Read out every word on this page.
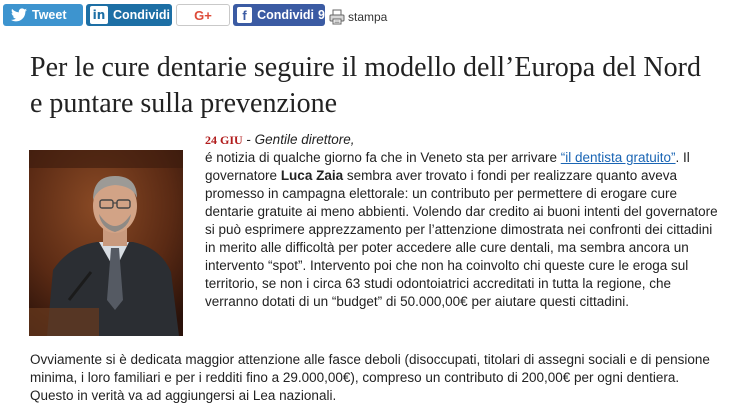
Tweet in Condividi G+	f Condividi 9 stampa
Per le cure dentarie seguire il modello dell’Europa del Nord e puntare sulla prevenzione

24 GIU - Gentile direttore,

é notizia di qualche giorno fa che in Veneto sta per arrivare “il dentista gratuito”. Il governatore Luca Zaia sembra aver trovato i fondi per realizzare quanto aveva promesso in campagna elettorale: un contributo per permettere di erogare cure dentarie gratuite ai meno abbienti. Volendo dar credito ai buoni intenti del governatore si può esprimere apprezzamento per l’attenzione dimostrata nei confronti dei cittadini in merito alle difficoltà per poter accedere alle cure dentali, ma sembra ancora un intervento “spot”. Intervento poi che non ha coinvolto chi queste cure le eroga sul territorio, se non i circa 63 studi odontoiatrici accreditati in tutta la regione, che verranno dotati di un “budget” di 50.000,00€ per aiutare questi cittadini.

Ovviamente si è dedicata maggior attenzione alle fasce deboli (disoccupati, titolari di assegni sociali e di pensione minima, i loro familiari e per i redditi fino a 29.000,00€), compreso un contributo di 200,00€ per ogni dentiera. Questo in verità va ad aggiungersi ai Lea nazionali.
